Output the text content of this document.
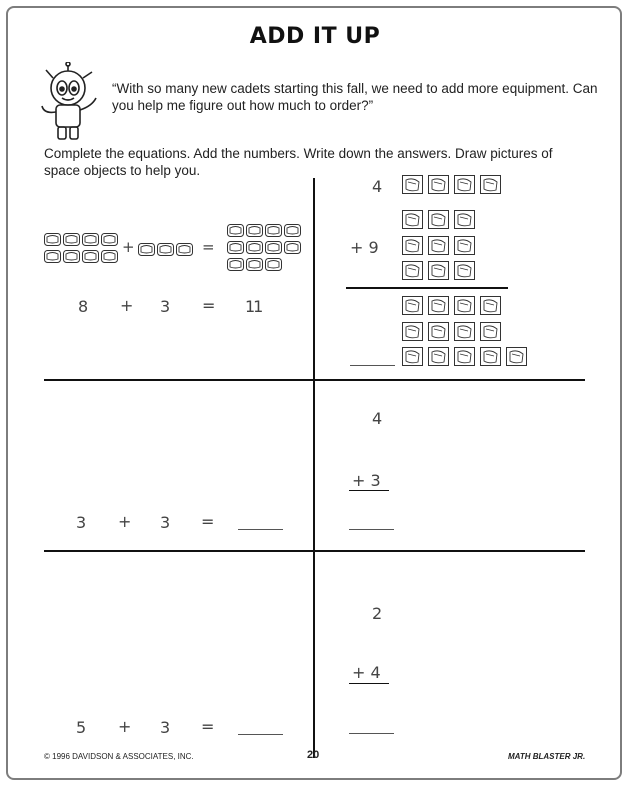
ADD IT UP
“With so many new cadets starting this fall, we need to add more equipment. Can you help me figure out how much to order?”
Complete the equations. Add the numbers. Write down the answers. Draw pictures of space objects to help you.
+	=
8 + 3 = 11
4
+ 9
3 + 3 =
4
+ 3
5 + 3 =
2
+ 4
© 1996 DAVIDSON & ASSOCIATES, INC.	20	MATH BLASTER JR.
